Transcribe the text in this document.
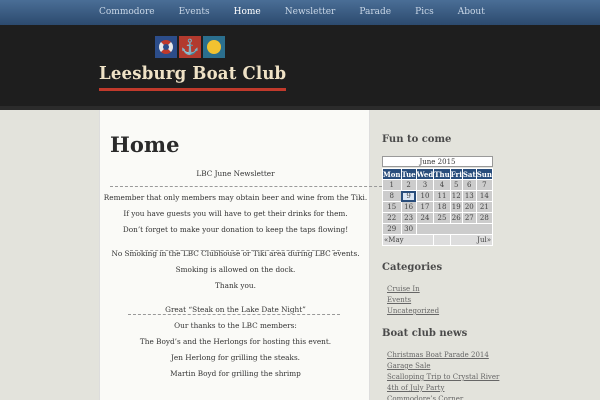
Commodore	Events	Home	Newsletter	Parade	Pics	About
⚓
Leesburg Boat Club
Home

LBC June Newsletter

Remember that only members may obtain beer and wine from the Tiki.

If you have guests you will have to get their drinks for them.

Don’t forget to make your donation to keep the taps flowing!

No Smoking in the LBC Clubhouse or Tiki area during LBC events.

Smoking is allowed on the dock.

Thank you.

Great “Steak on the Lake Date Night”

Our thanks to the LBC members:

The Boyd’s and the Herlongs for hosting this event.

Jen Herlong for grilling the steaks.

Martin Boyd for grilling the shrimp

Fun to come
June 2015
Mon	Tue	Wed	Thu	Fri	Sat	Sun
1	2	3	4	5	6	7
8	9	10	11	12	13	14
15	16	17	18	19	20	21
22	23	24	25	26	27	28
29	30					
«May				Jul»		
Categories
Cruise In
Events
Uncategorized
Boat club news
Christmas Boat Parade 2014
Garage Sale
Scalloping Trip to Crystal River
4th of July Party
Commodore’s Corner
